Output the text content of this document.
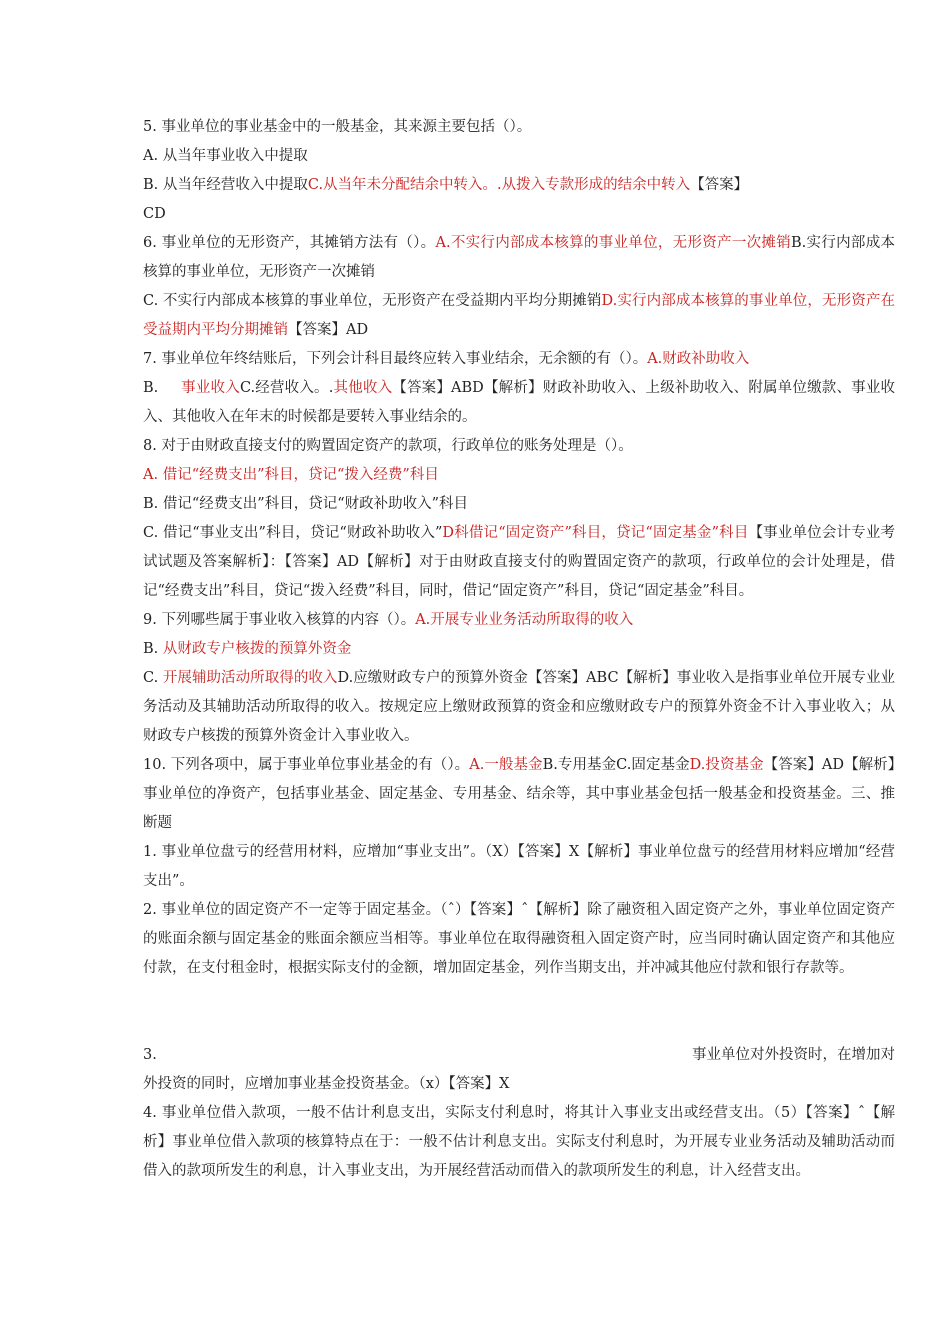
5. 事业单位的事业基金中的一般基金，其来源主要包括（）。

A. 从当年事业收入中提取

B. 从当年经营收入中提取C.从当年未分配结余中转入。.从拨入专款形成的结余中转入【答案】

CD

6. 事业单位的无形资产，其摊销方法有（）。A.不实行内部成本核算的事业单位，无形资产一次摊销B.实行内部成本核算的事业单位，无形资产一次摊销

C. 不实行内部成本核算的事业单位，无形资产在受益期内平均分期摊销D.实行内部成本核算的事业单位，无形资产在受益期内平均分期摊销【答案】AD

7. 事业单位年终结账后，下列会计科目最终应转入事业结余，无余额的有（）。A.财政补助收入

B. 事业收入C.经营收入。.其他收入【答案】ABD【解析】财政补助收入、上级补助收入、附属单位缴款、事业收入、其他收入在年末的时候都是要转入事业结余的。

8. 对于由财政直接支付的购置固定资产的款项，行政单位的账务处理是（）。

A. 借记“经费支出”科目，贷记“拨入经费”科目

B. 借记“经费支出”科目，贷记“财政补助收入”科目

C. 借记“事业支出”科目，贷记“财政补助收入”D科借记“固定资产”科目，贷记“固定基金”科目【事业单位会计专业考试试题及答案解析】：【答案】AD【解析】对于由财政直接支付的购置固定资产的款项，行政单位的会计处理是，借记“经费支出”科目，贷记“拨入经费”科目，同时，借记“固定资产”科目，贷记“固定基金”科目。

9. 下列哪些属于事业收入核算的内容（）。A.开展专业业务活动所取得的收入

B. 从财政专户核拨的预算外资金

C. 开展辅助活动所取得的收入D.应缴财政专户的预算外资金【答案】ABC【解析】事业收入是指事业单位开展专业业务活动及其辅助活动所取得的收入。按规定应上缴财政预算的资金和应缴财政专户的预算外资金不计入事业收入；从财政专户核拨的预算外资金计入事业收入。

10. 下列各项中，属于事业单位事业基金的有（）。A.一般基金B.专用基金C.固定基金D.投资基金【答案】AD【解析】事业单位的净资产，包括事业基金、固定基金、专用基金、结余等，其中事业基金包括一般基金和投资基金。三、推断题

1. 事业单位盘亏的经营用材料，应增加“事业支出”。（X）【答案】X【解析】事业单位盘亏的经营用材料应增加“经营支出”。

2. 事业单位的固定资产不一定等于固定基金。（ˆ）【答案】ˆ【解析】除了融资租入固定资产之外，事业单位固定资产的账面余额与固定基金的账面余额应当相等。事业单位在取得融资租入固定资产时，应当同时确认固定资产和其他应付款，在支付租金时，根据实际支付的金额，增加固定基金，列作当期支出，并冲减其他应付款和银行存款等。

3.	事业单位对外投资时，在增加对

外投资的同时，应增加事业基金投资基金。（x）【答案】X

4. 事业单位借入款项，一般不估计利息支出，实际支付利息时，将其计入事业支出或经营支出。（5）【答案】ˆ【解析】事业单位借入款项的核算特点在于：一般不估计利息支出。实际支付利息时，为开展专业业务活动及辅助活动而借入的款项所发生的利息，计入事业支出，为开展经营活动而借入的款项所发生的利息，计入经营支出。
